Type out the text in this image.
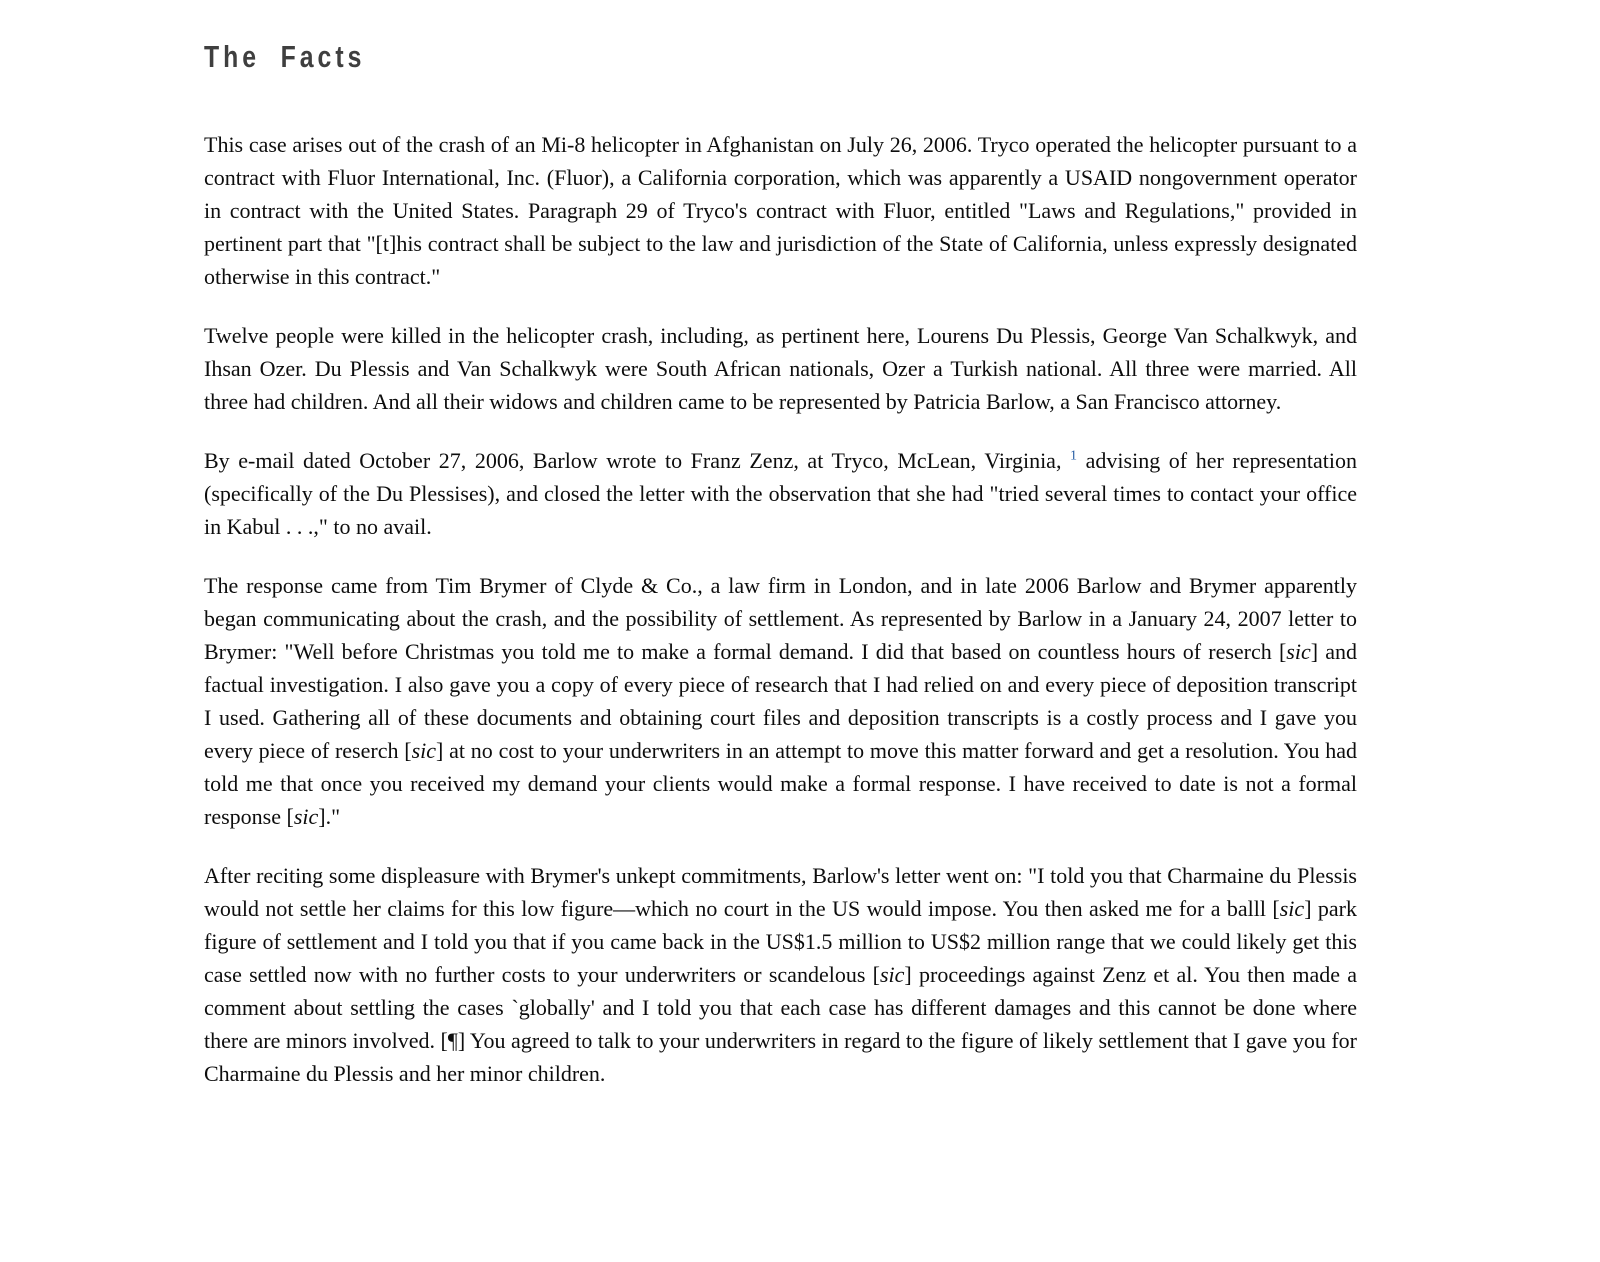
The Facts

This case arises out of the crash of an Mi-8 helicopter in Afghanistan on July 26, 2006. Tryco operated the helicopter pursuant to a contract with Fluor International, Inc. (Fluor), a California corporation, which was apparently a USAID nongovernment operator in contract with the United States. Paragraph 29 of Tryco's contract with Fluor, entitled "Laws and Regulations," provided in pertinent part that "[t]his contract shall be subject to the law and jurisdiction of the State of California, unless expressly designated otherwise in this contract."

Twelve people were killed in the helicopter crash, including, as pertinent here, Lourens Du Plessis, George Van Schalkwyk, and Ihsan Ozer. Du Plessis and Van Schalkwyk were South African nationals, Ozer a Turkish national. All three were married. All three had children. And all their widows and children came to be represented by Patricia Barlow, a San Francisco attorney.

By e-mail dated October 27, 2006, Barlow wrote to Franz Zenz, at Tryco, McLean, Virginia, $^1$ advising of her representation (specifically of the Du Plessises), and closed the letter with the observation that she had "tried several times to contact your office in Kabul . . .," to no avail.

The response came from Tim Brymer of Clyde & Co., a law firm in London, and in late 2006 Barlow and Brymer apparently began communicating about the crash, and the possibility of settlement. As represented by Barlow in a January 24, 2007 letter to Brymer: "Well before Christmas you told me to make a formal demand. I did that based on countless hours of reserch [sic] and factual investigation. I also gave you a copy of every piece of research that I had relied on and every piece of deposition transcript I used. Gathering all of these documents and obtaining court files and deposition transcripts is a costly process and I gave you every piece of reserch [sic] at no cost to your underwriters in an attempt to move this matter forward and get a resolution. You had told me that once you received my demand your clients would make a formal response. I have received to date is not a formal response [sic]."

After reciting some displeasure with Brymer's unkept commitments, Barlow's letter went on: "I told you that Charmaine du Plessis would not settle her claims for this low figure—which no court in the US would impose. You then asked me for a balll [sic] park figure of settlement and I told you that if you came back in the US$1.5 million to US$2 million range that we could likely get this case settled now with no further costs to your underwriters or scandelous [sic] proceedings against Zenz et al. You then made a comment about settling the cases `globally' and I told you that each case has different damages and this cannot be done where there are minors involved. [¶] You agreed to talk to your underwriters in regard to the figure of likely settlement that I gave you for Charmaine du Plessis and her minor children.
